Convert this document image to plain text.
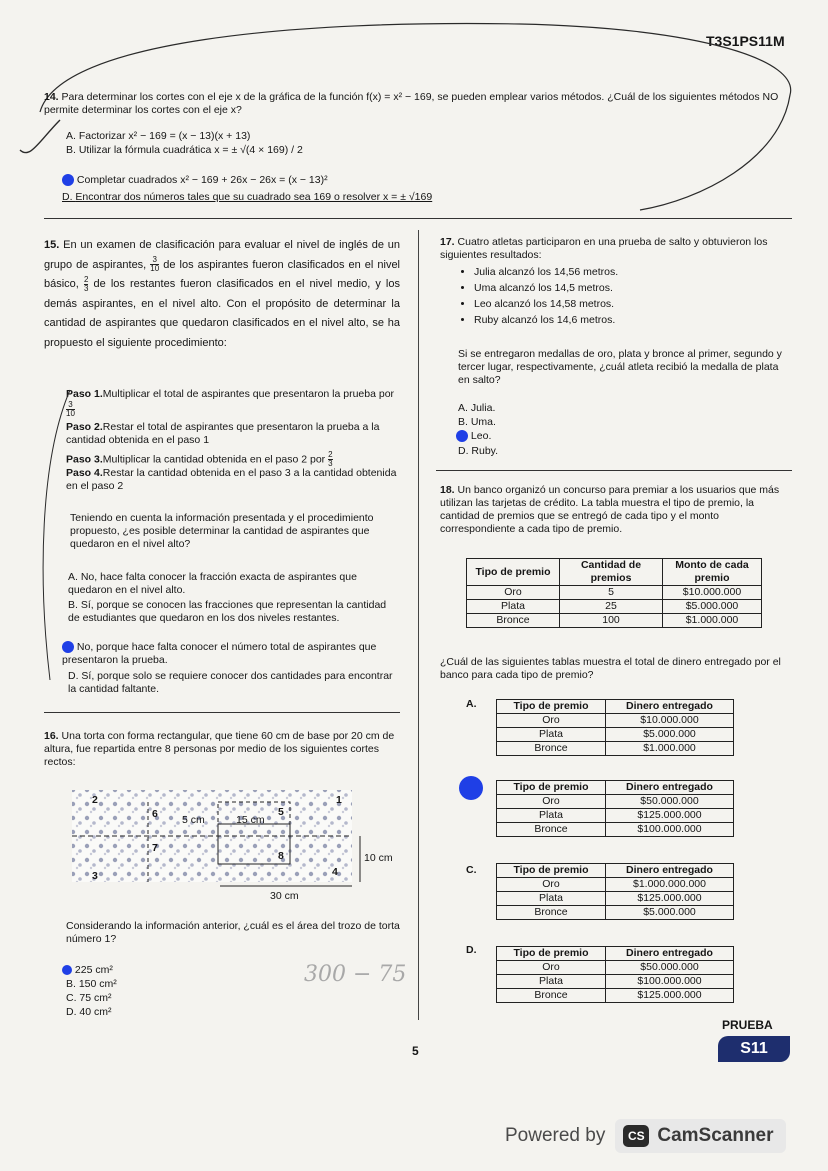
T3S1PS11M
14. Para determinar los cortes con el eje x de la gráfica de la función f(x) = x² − 169, se pueden emplear varios métodos. ¿Cuál de los siguientes métodos NO permite determinar los cortes con el eje x?
A. Factorizar x² − 169 = (x − 13)(x + 13)
B. Utilizar la fórmula cuadrática x = ± √(4 × 169) / 2
Completar cuadrados x² − 169 + 26x − 26x = (x − 13)²
D. Encontrar dos números tales que su cuadrado sea 169 o resolver x = ± √169
15. En un examen de clasificación para evaluar el nivel de inglés de un grupo de aspirantes, $\frac{3}{10}$ de los aspirantes fueron clasificados en el nivel básico, $\frac{2}{3}$ de los restantes fueron clasificados en el nivel medio, y los demás aspirantes, en el nivel alto. Con el propósito de determinar la cantidad de aspirantes que quedaron clasificados en el nivel alto, se ha propuesto el siguiente procedimiento:
Paso 1.Multiplicar el total de aspirantes que presentaron la prueba por
$\frac{3}{10}$
Paso 2.Restar el total de aspirantes que presentaron la prueba a la cantidad obtenida en el paso 1
Paso 3.Multiplicar la cantidad obtenida en el paso 2 por $\frac{2}{3}$
Paso 4.Restar la cantidad obtenida en el paso 3 a la cantidad obtenida en el paso 2
Teniendo en cuenta la información presentada y el procedimiento propuesto, ¿es posible determinar la cantidad de aspirantes que quedaron en el nivel alto?
A. No, hace falta conocer la fracción exacta de aspirantes que quedaron en el nivel alto.
B. Sí, porque se conocen las fracciones que representan la cantidad de estudiantes que quedaron en los dos niveles restantes.
No, porque hace falta conocer el número total de aspirantes que presentaron la prueba.
D. Sí, porque solo se requiere conocer dos cantidades para encontrar la cantidad faltante.
16. Una torta con forma rectangular, que tiene 60 cm de base por 20 cm de altura, fue repartida entre 8 personas por medio de los siguientes cortes rectos:
2
6 5 cm	15 cm
5
1
7
8
3	4
10 cm
30 cm
Considerando la información anterior, ¿cuál es el área del trozo de torta número 1?
225 cm²
B. 150 cm²
C. 75 cm²
D. 40 cm²
300 − 75
17. Cuatro atletas participaron en una prueba de salto y obtuvieron los siguientes resultados:
• Julia alcanzó los 14,56 metros.
• Uma alcanzó los 14,5 metros.
• Leo alcanzó los 14,58 metros.
• Ruby alcanzó los 14,6 metros.
Si se entregaron medallas de oro, plata y bronce al primer, segundo y tercer lugar, respectivamente, ¿cuál atleta recibió la medalla de plata en salto?
A. Julia.
B. Uma.
Leo.
D. Ruby.
18. Un banco organizó un concurso para premiar a los usuarios que más utilizan las tarjetas de crédito. La tabla muestra el tipo de premio, la cantidad de premios que se entregó de cada tipo y el monto correspondiente a cada tipo de premio.
Tipo de premio	Cantidad de premios	Monto de cada premio
Oro	5	$10.000.000
Plata	25	$5.000.000
Bronce	100	$1.000.000
¿Cuál de las siguientes tablas muestra el total de dinero entregado por el banco para cada tipo de premio?
A.	Tipo de premio	Dinero entregado
Oro	$10.000.000
Plata	$5.000.000
Bronce	$1.000.000
Tipo de premio	Dinero entregado
Oro	$50.000.000
Plata	$125.000.000
Bronce	$100.000.000
C.	Tipo de premio	Dinero entregado
Oro	$1.000.000.000
Plata	$125.000.000
Bronce	$5.000.000
D.	Tipo de premio	Dinero entregado
Oro	$50.000.000
Plata	$100.000.000
Bronce	$125.000.000
PRUEBA
S11
5
Powered by	CS CamScanner
